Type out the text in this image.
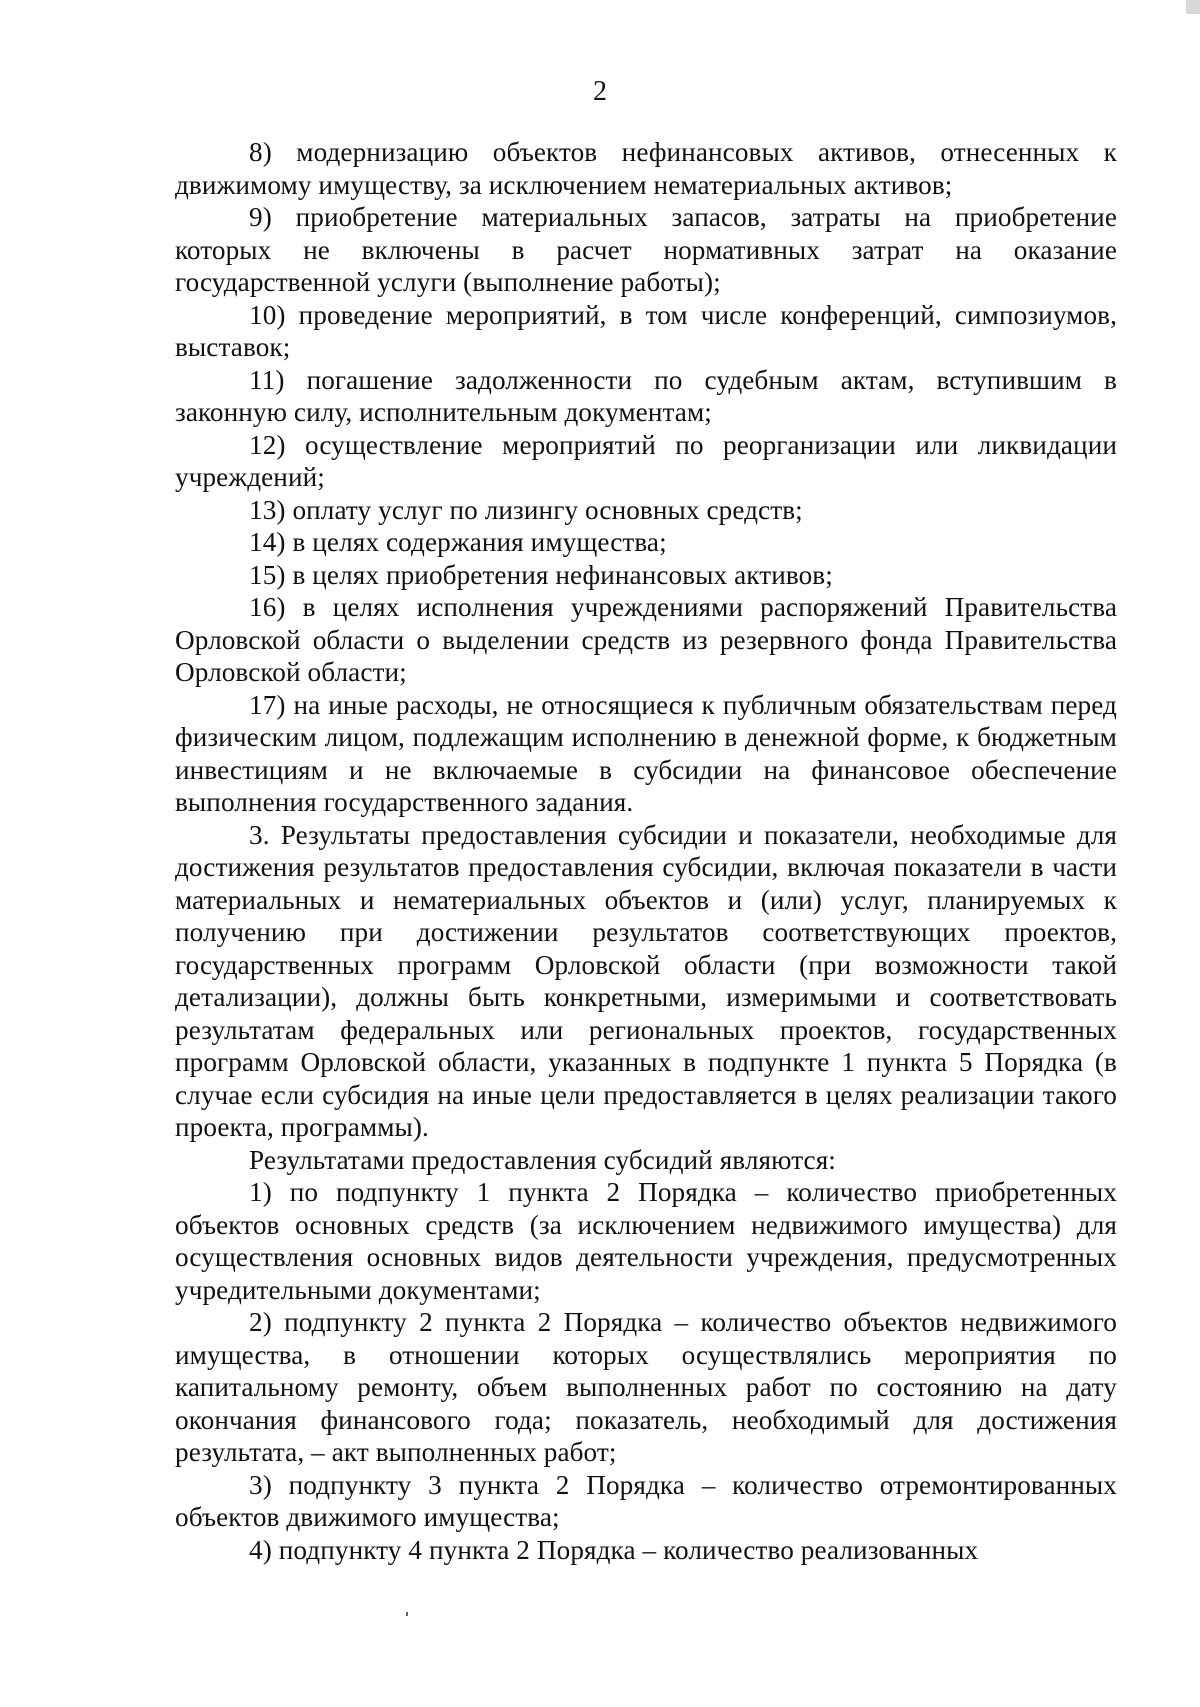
2

8) модернизацию объектов нефинансовых активов, отнесенных к движимому имуществу, за исключением нематериальных активов;

9) приобретение материальных запасов, затраты на приобретение которых не включены в расчет нормативных затрат на оказание государственной услуги (выполнение работы);

10) проведение мероприятий, в том числе конференций, симпозиумов, выставок;

11) погашение задолженности по судебным актам, вступившим в законную силу, исполнительным документам;

12) осуществление мероприятий по реорганизации или ликвидации учреждений;

13) оплату услуг по лизингу основных средств;

14) в целях содержания имущества;

15) в целях приобретения нефинансовых активов;

16) в целях исполнения учреждениями распоряжений Правительства Орловской области о выделении средств из резервного фонда Правительства Орловской области;

17) на иные расходы, не относящиеся к публичным обязательствам перед физическим лицом, подлежащим исполнению в денежной форме, к бюджетным инвестициям и не включаемые в субсидии на финансовое обеспечение выполнения государственного задания.

3. Результаты предоставления субсидии и показатели, необходимые для достижения результатов предоставления субсидии, включая показатели в части материальных и нематериальных объектов и (или) услуг, планируемых к получению при достижении результатов соответствующих проектов, государственных программ Орловской области (при возможности такой детализации), должны быть конкретными, измеримыми и соответствовать результатам федеральных или региональных проектов, государственных программ Орловской области, указанных в подпункте 1 пункта 5 Порядка (в случае если субсидия на иные цели предоставляется в целях реализации такого проекта, программы).

Результатами предоставления субсидий являются:

1) по подпункту 1 пункта 2 Порядка – количество приобретенных объектов основных средств (за исключением недвижимого имущества) для осуществления основных видов деятельности учреждения, предусмотренных учредительными документами;

2) подпункту 2 пункта 2 Порядка – количество объектов недвижимого имущества, в отношении которых осуществлялись мероприятия по капитальному ремонту, объем выполненных работ по состоянию на дату окончания финансового года; показатель, необходимый для достижения результата, – акт выполненных работ;

3) подпункту 3 пункта 2 Порядка – количество отремонтированных объектов движимого имущества;

4) подпункту 4 пункта 2 Порядка – количество реализованных
